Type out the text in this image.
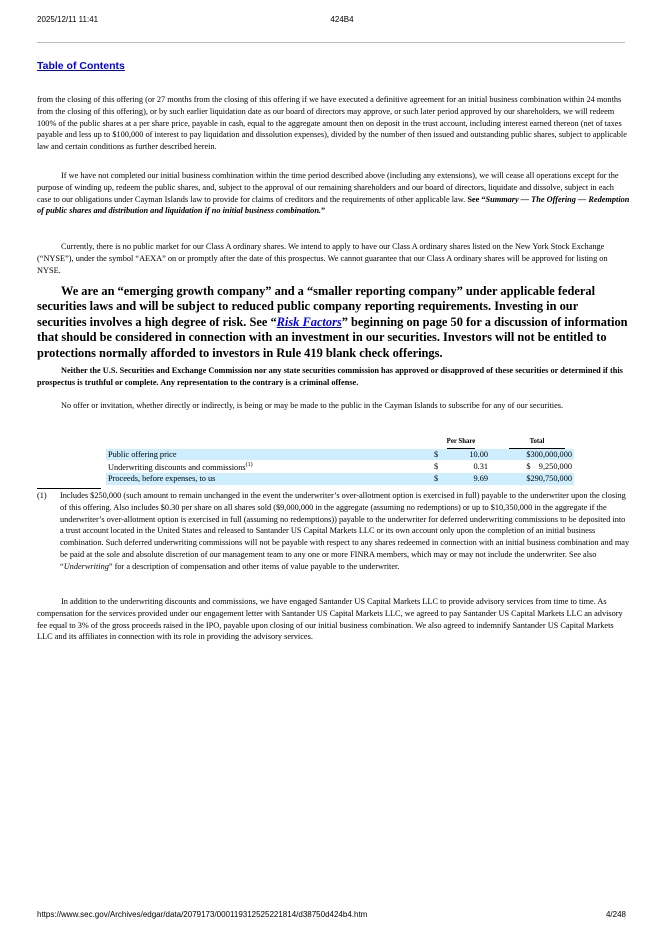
2025/12/11 11:41	424B4
Table of Contents

from the closing of this offering (or 27 months from the closing of this offering if we have executed a definitive agreement for an initial business combination within 24 months from the closing of this offering), or by such earlier liquidation date as our board of directors may approve, or such later period approved by our shareholders, we will redeem 100% of the public shares at a per share price, payable in cash, equal to the aggregate amount then on deposit in the trust account, including interest earned thereon (net of taxes payable and less up to $100,000 of interest to pay liquidation and dissolution expenses), divided by the number of then issued and outstanding public shares, subject to applicable law and certain conditions as further described herein.

If we have not completed our initial business combination within the time period described above (including any extensions), we will cease all operations except for the purpose of winding up, redeem the public shares, and, subject to the approval of our remaining shareholders and our board of directors, liquidate and dissolve, subject in each case to our obligations under Cayman Islands law to provide for claims of creditors and the requirements of other applicable law. See “Summary — The Offering — Redemption of public shares and distribution and liquidation if no initial business combination.”

Currently, there is no public market for our Class A ordinary shares. We intend to apply to have our Class A ordinary shares listed on the New York Stock Exchange (“NYSE”), under the symbol “AEXA” on or promptly after the date of this prospectus. We cannot guarantee that our Class A ordinary shares will be approved for listing on NYSE.

We are an “emerging growth company” and a “smaller reporting company” under applicable federal securities laws and will be subject to reduced public company reporting requirements. Investing in our securities involves a high degree of risk. See “Risk Factors” beginning on page 50 for a discussion of information that should be considered in connection with an investment in our securities. Investors will not be entitled to protections normally afforded to investors in Rule 419 blank check offerings.

Neither the U.S. Securities and Exchange Commission nor any state securities commission has approved or disapproved of these securities or determined if this prospectus is truthful or complete. Any representation to the contrary is a criminal offense.

No offer or invitation, whether directly or indirectly, is being or may be made to the public in the Cayman Islands to subscribe for any of our securities.

	Per Share		Total
Public offering price	$	10.00	$300,000,000
Underwriting discounts and commissions$^{(1)}$	$	0.31	$    9,250,000
Proceeds, before expenses, to us	$	9.69	$290,750,000
(1)	Includes $250,000 (such amount to remain unchanged in the event the underwriter’s over-allotment option is exercised in full) payable to the underwriter upon the closing of this offering. Also includes $0.30 per share on all shares sold ($9,000,000 in the aggregate (assuming no redemptions) or up to $10,350,000 in the aggregate if the underwriter’s over-allotment option is exercised in full (assuming no redemptions)) payable to the underwriter for deferred underwriting commissions to be deposited into a trust account located in the United States and released to Santander US Capital Markets LLC or its own account only upon the completion of an initial business combination. Such deferred underwriting commissions will not be payable with respect to any shares redeemed in connection with an initial business combination and may be paid at the sole and absolute discretion of our management team to any one or more FINRA members, which may or may not include the underwriter. See also “Underwriting” for a description of compensation and other items of value payable to the underwriter.

In addition to the underwriting discounts and commissions, we have engaged Santander US Capital Markets LLC to provide advisory services from time to time. As compensation for the services provided under our engagement letter with Santander US Capital Markets LLC, we agreed to pay Santander US Capital Markets LLC an advisory fee equal to 3% of the gross proceeds raised in the IPO, payable upon closing of our initial business combination. We also agreed to indemnify Santander US Capital Markets LLC and its affiliates in connection with its role in providing the advisory services.

https://www.sec.gov/Archives/edgar/data/2079173/000119312525221814/d38750d424b4.htm	4/248
